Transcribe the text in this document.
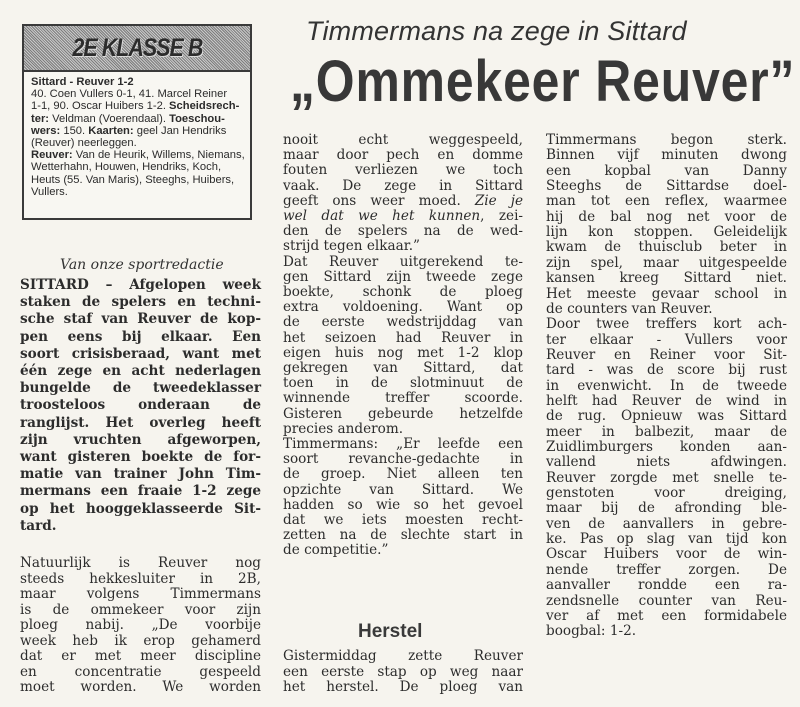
2E KLASSE B
Sittard - Reuver 1-2
40. Coen Vullers 0-1, 41. Marcel Reiner
1-1, 90. Oscar Huibers 1-2. Scheidsrech-
ter: Veldman (Voerendaal). Toeschou-
wers: 150. Kaarten: geel Jan Hendriks
(Reuver) neerleggen.
Reuver: Van de Heurik, Willems, Niemans,
Wetterhahn, Houwen, Hendriks, Koch,
Heuts (55. Van Maris), Steeghs, Huibers,
Vullers.
Timmermans na zege in Sittard
„Ommekeer Reuver”
Van onze sportredactie
SITTARD – Afgelopen week
staken de spelers en techni-
sche staf van Reuver de kop-
pen eens bij elkaar. Een
soort crisisberaad, want met
één zege en acht nederlagen
bungelde de tweedeklasser
troosteloos onderaan de
ranglijst. Het overleg heeft
zijn vruchten afgeworpen,
want gisteren boekte de for-
matie van trainer John Tim-
mermans een fraaie 1-2 zege
op het hooggeklasseerde Sit-
tard.
Natuurlijk is Reuver nog
steeds hekkesluiter in 2B,
maar volgens Timmermans
is de ommekeer voor zijn
ploeg nabij. „De voorbije
week heb ik erop gehamerd
dat er met meer discipline
en concentratie gespeeld
moet worden. We worden
nooit echt weggespeeld,
maar door pech en domme
fouten verliezen we toch
vaak. De zege in Sittard
geeft ons weer moed. Zie je
wel dat we het kunnen, zei-
den de spelers na de wed-
strijd tegen elkaar.”
Dat Reuver uitgerekend te-
gen Sittard zijn tweede zege
boekte, schonk de ploeg
extra voldoening. Want op
de eerste wedstrijddag van
het seizoen had Reuver in
eigen huis nog met 1-2 klop
gekregen van Sittard, dat
toen in de slotminuut de
winnende treffer scoorde.
Gisteren gebeurde hetzelfde
precies anderom.
Timmermans: „Er leefde een
soort revanche-gedachte in
de groep. Niet alleen ten
opzichte van Sittard. We
hadden so wie so het gevoel
dat we iets moesten recht-
zetten na de slechte start in
de competitie.”
Herstel
Gistermiddag zette Reuver
een eerste stap op weg naar
het herstel. De ploeg van
Timmermans begon sterk.
Binnen vijf minuten dwong
een kopbal van Danny
Steeghs de Sittardse doel-
man tot een reflex, waarmee
hij de bal nog net voor de
lijn kon stoppen. Geleidelijk
kwam de thuisclub beter in
zijn spel, maar uitgespeelde
kansen kreeg Sittard niet.
Het meeste gevaar school in
de counters van Reuver.
Door twee treffers kort ach-
ter elkaar - Vullers voor
Reuver en Reiner voor Sit-
tard - was de score bij rust
in evenwicht. In de tweede
helft had Reuver de wind in
de rug. Opnieuw was Sittard
meer in balbezit, maar de
Zuidlimburgers konden aan-
vallend niets afdwingen.
Reuver zorgde met snelle te-
genstoten voor dreiging,
maar bij de afronding ble-
ven de aanvallers in gebre-
ke. Pas op slag van tijd kon
Oscar Huibers voor de win-
nende treffer zorgen. De
aanvaller rondde een ra-
zendsnelle counter van Reu-
ver af met een formidabele
boogbal: 1-2.
